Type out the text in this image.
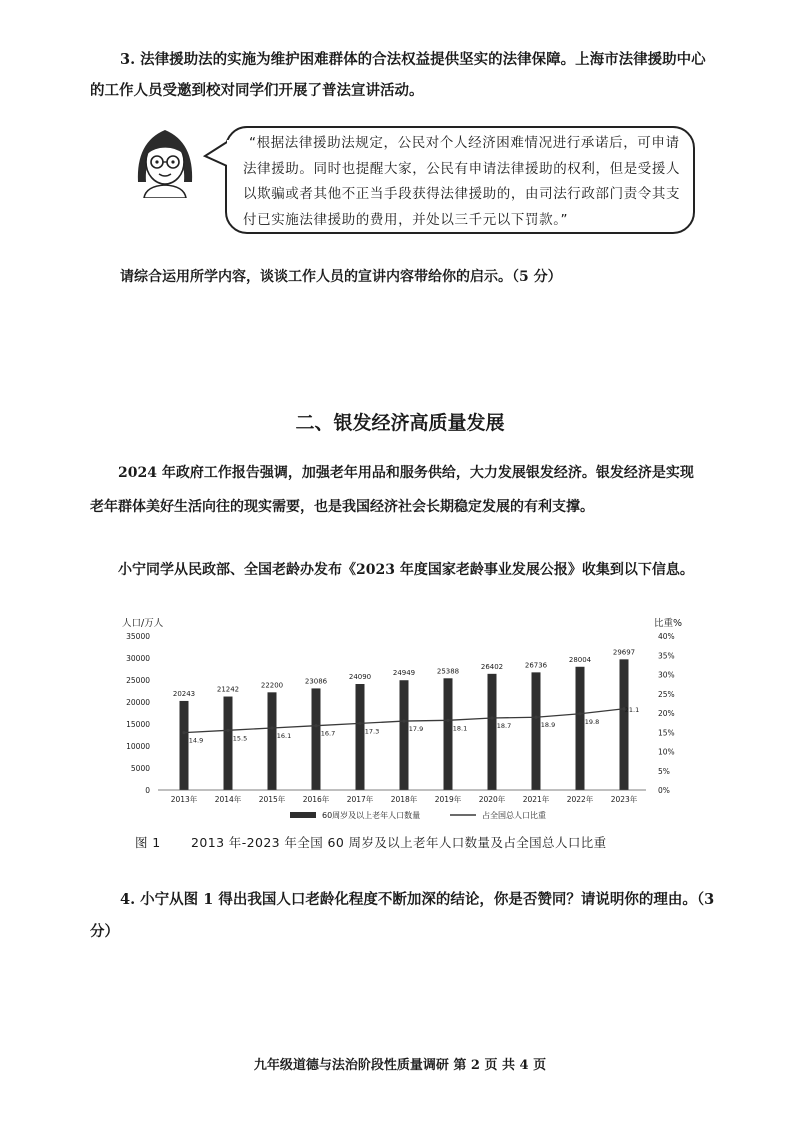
3. 法律援助法的实施为维护困难群体的合法权益提供坚实的法律保障。上海市法律援助中心
的工作人员受邀到校对同学们开展了普法宣讲活动。
“根据法律援助法规定，公民对个人经济困难情况进行承诺后，可申请法律援助。同时也提醒大家，公民有申请法律援助的权利，但是受援人以欺骗或者其他不正当手段获得法律援助的，由司法行政部门责令其支付已实施法律援助的费用，并处以三千元以下罚款。”
请综合运用所学内容，谈谈工作人员的宣讲内容带给你的启示。（5 分）
二、银发经济高质量发展
2024 年政府工作报告强调，加强老年用品和服务供给，大力发展银发经济。银发经济是实现
老年群体美好生活向往的现实需要，也是我国经济社会长期稳定发展的有利支撑。
小宁同学从民政部、全国老龄办发布《2023 年度国家老龄事业发展公报》收集到以下信息。
人口/万人	比重%
35000
30000
25000
20000
15000
10000
5000
0
40%
35%
30%
25%
20%
15%
10%
5%
0%
20243
2013年
21242
2014年
22200
2015年
23086
2016年
24090
2017年
24949
2018年
25388
2019年
26402
2020年
26736
2021年
28004
2022年
29697
2023年
14.9	15.5	16.1	16.7	17.3	17.9	18.1	18.7	18.9	19.8
21.1
60周岁及以上老年人口数量	占全国总人口比重
图 1 2013 年-2023 年全国 60 周岁及以上老年人口数量及占全国总人口比重
4. 小宁从图 1 得出我国人口老龄化程度不断加深的结论，你是否赞同？请说明你的理由。（3
分）
九年级道德与法治阶段性质量调研 第 2 页 共 4 页
